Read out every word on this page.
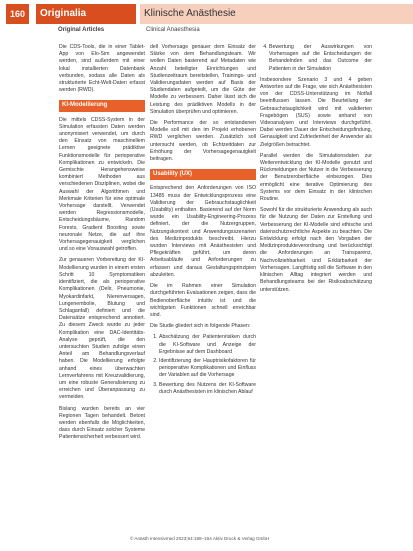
160	Originalia	Klinische Anästhesie
Original Articles	Clinical Anaesthesia

Die CDS-Tools, die in einer Tablet-App von Elo-Sim angewendet werden, sind außerdem mit einer lokal installierten Datenbank verbunden, sodass alle Daten als strukturierte Echt-Welt-Daten erfasst werden (RWD).

KI-Modellierung

Die mittels CDSS-System in der Simulation erfassten Daten werden anonymisiert verwendet, um durch den Einsatz von maschinellem Lernen geeignete prädiktive Funktionsmodelle für perioperative Komplikationen zu entwickeln. Die Gemischte Herangehensweise kombiniert Methoden aus verschiedenen Disziplinen, wobei die Auswahl der Algorithmen und Merkmale Kriterien für eine optimale Vorhersage darstellt. Verwendet werden Regressionsmodelle, Entscheidungsbäume, Random Forests, Gradient Boosting sowie neuronale Netze, die auf ihre Vorhersagegenauigkeit verglichen und so eine Vorauswahl getroffen.

Zur genaueren Vorbereitung der KI-Modellierung wurden in einem ersten Schritt 10 Symptomatiken identifiziert, die als perioperative Komplikationen (Delir, Pneumonie, Myokardinfarkt, Nierenversagen, Lungenembolie, Blutung und Schlaganfall) definiert und die Datensätze entsprechend annotiert. Zu diesem Zweck wurde zu jeder Komplikation eine DAC-Identitäts-Analyse geprüft, die den untersuchten Studien zufolge einen Anteil am Behandlungsverlauf haben. Die Modellierung erfolgte anhand eines überwachten Lernverfahrens mit Kreuzvalidierung, um eine robuste Generalisierung zu erreichen und Überanpassung zu vermeiden.

Bislang wurden bereits an vier Regionen Tagen behandelt. Betont werden ebenfalls die Möglichkeiten, dass durch Einsatz solcher Systeme Patientensicherheit verbessert wird.

dell Vorhersage genauer dem Einsatz der Stärke von dem Behandlungsteam. Wir wollen Daten basierend auf Metadaten wie Anzahl beteiligter Einrichtungen und Studienzeitraum bereitstellen, Trainings- und Validierungsdaten werden auf Basis der Studiendaten aufgeteilt, um die Güte der Modelle zu verbessern. Daher lässt sich die Leistung des prädiktiven Modells in der Simulation überprüfen und optimieren.

Die Performance der so entstandenen Modelle soll mit den im Projekt erhobenen RWD verglichen werden. Zusätzlich soll untersucht werden, ob Echtzeitdaten zur Erhöhung der Vorhersagegenauigkeit beitragen.

Usability (UX)

Entsprechend den Anforderungen von ISO 13485 muss der Entwicklungsprozess eine Validierung der Gebrauchstauglichkeit (Usability) enthalten. Basierend auf der Norm wurde ein Usability-Engineering-Prozess definiert, der die Nutzergruppen, Nutzungskontext und Anwendungsszenarien des Medizinprodukts beschreibt. Hierzu wurden Interviews mit Anästhesisten und Pflegekräften geführt, um deren Arbeitsabläufe und Anforderungen zu erfassen und daraus Gestaltungsprinzipien abzuleiten.

Die im Rahmen einer Simulation durchgeführten Evaluationen zeigen, dass die Bedienoberfläche intuitiv ist und die wichtigsten Funktionen schnell erreichbar sind.

Die Studie gliedert sich in folgende Phasen:

1. Abschätzung der Patientenrisiken durch die KI-Software und Anzeige der Ergebnisse auf dem Dashboard
2. Identifizierung der Hauptrisikofaktoren für perioperative Komplikationen und Einfluss der Variablen auf die Vorhersage
3. Bewertung des Nutzens der KI-Software durch Anästhesisten im klinischen Ablauf
4. Bewertung der Auswirkungen von Vorhersagen auf die Entscheidungen der Behandelnden und das Outcome der Patienten in der Simulation

Insbesondere Szenario 3 und 4 geben Antworten auf die Frage, wie sich Anästhesisten von der CDSS-Unterstützung im Notfall beeinflussen lassen. Die Beurteilung der Gebrauchstauglichkeit wird mit validierten Fragebögen (SUS) sowie anhand von Videoanalysen und Interviews durchgeführt. Dabei werden Dauer der Entscheidungsfindung, Genauigkeit und Zufriedenheit der Anwender als Zielgrößen betrachtet.

Parallel werden die Simulationsdaten zur Weiterentwicklung der KI-Modelle genutzt und Rückmeldungen der Nutzer in die Verbesserung der Benutzeroberfläche einbezogen. Dies ermöglicht eine iterative Optimierung des Systems vor dem Einsatz in der klinischen Routine.

Sowohl für die strukturierte Anwendung als auch für die Nutzung der Daten zur Erstellung und Verbesserung der KI-Modelle sind ethische und datenschutzrechtliche Aspekte zu beachten. Die Entwicklung erfolgt nach den Vorgaben der Medizinprodukteverordnung und berücksichtigt die Anforderungen an Transparenz, Nachvollziehbarkeit und Erklärbarkeit der Vorhersagen. Langfristig soll die Software in den klinischen Alltag integriert werden und Behandlungsteams bei der Risikoabschätzung unterstützen.

© Anästh Intensivmed 2023;64:158–164 Aktiv Druck & Verlag GmbH
